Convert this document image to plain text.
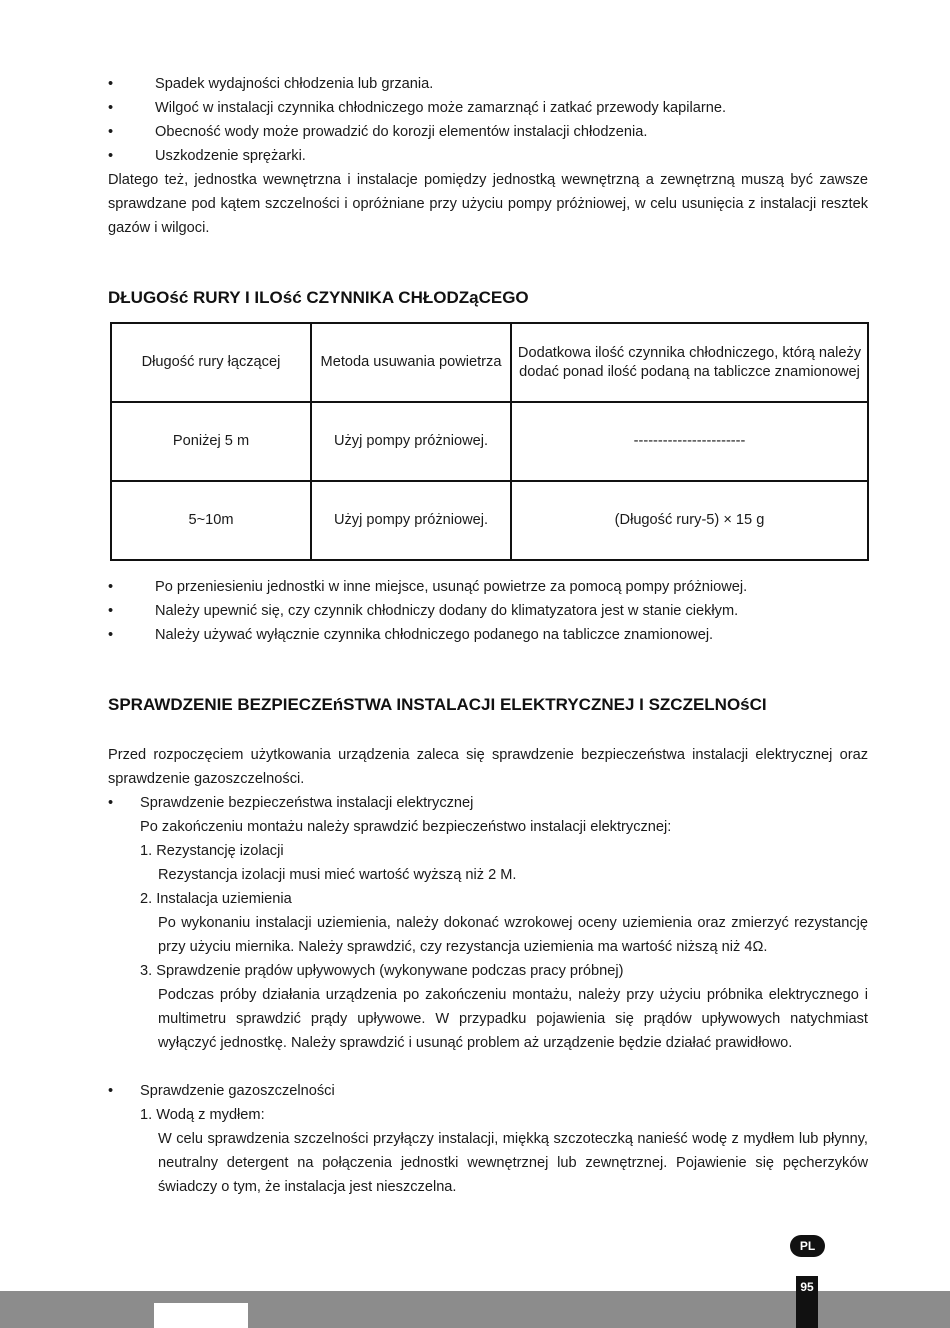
•	Spadek wydajności chłodzenia lub grzania.
•	Wilgoć w instalacji czynnika chłodniczego może zamarznąć i zatkać przewody kapilarne.
•	Obecność wody może prowadzić do korozji elementów instalacji chłodzenia.
•	Uszkodzenie sprężarki.
Dlatego też, jednostka wewnętrzna i instalacje pomiędzy jednostką wewnętrzną a zewnętrzną muszą być zawsze sprawdzane pod kątem szczelności i opróżniane przy użyciu pompy próżniowej, w celu usunięcia z instalacji resztek gazów i wilgoci.
DŁUGOść RURY I ILOść CZYNNIKA CHŁODZąCEGO
Długość rury łączącej	Metoda usuwania powietrza	Dodatkowa ilość czynnika chłodniczego, którą należy dodać ponad ilość podaną na tabliczce znamionowej
Poniżej 5 m	Użyj pompy próżniowej.	-----------------------
5~10m	Użyj pompy próżniowej.	(Długość rury-5) × 15 g
•	Po przeniesieniu jednostki w inne miejsce, usunąć powietrze za pomocą pompy próżniowej.
•	Należy upewnić się, czy czynnik chłodniczy dodany do klimatyzatora jest w stanie ciekłym.
•	Należy używać wyłącznie czynnika chłodniczego podanego na tabliczce znamionowej.
SPRAWDZENIE BEZPIECZEńSTWA INSTALACJI ELEKTRYCZNEJ I SZCZELNOśCI
Przed rozpoczęciem użytkowania urządzenia zaleca się sprawdzenie bezpieczeństwa instalacji elektrycznej oraz sprawdzenie gazoszczelności.
•	Sprawdzenie bezpieczeństwa instalacji elektrycznej
Po zakończeniu montażu należy sprawdzić bezpieczeństwo instalacji elektrycznej:
1. Rezystancję izolacji
Rezystancja izolacji musi mieć wartość wyższą niż 2 M.
2. Instalacja uziemienia
Po wykonaniu instalacji uziemienia, należy dokonać wzrokowej oceny uziemienia oraz zmierzyć rezystancję przy użyciu miernika. Należy sprawdzić, czy rezystancja uziemienia ma wartość niższą niż 4Ω.
3. Sprawdzenie prądów upływowych (wykonywane podczas pracy próbnej)
Podczas próby działania urządzenia po zakończeniu montażu, należy przy użyciu próbnika elektrycznego i multimetru sprawdzić prądy upływowe. W przypadku pojawienia się prądów upływowych natychmiast wyłączyć jednostkę. Należy sprawdzić i usunąć problem aż urządzenie będzie działać prawidłowo.
•	Sprawdzenie gazoszczelności
1. Wodą z mydłem:
W celu sprawdzenia szczelności przyłączy instalacji, miękką szczoteczką nanieść wodę z mydłem lub płynny, neutralny detergent na połączenia jednostki wewnętrznej lub zewnętrznej. Pojawienie się pęcherzyków świadczy o tym, że instalacja jest nieszczelna.
PL
95
